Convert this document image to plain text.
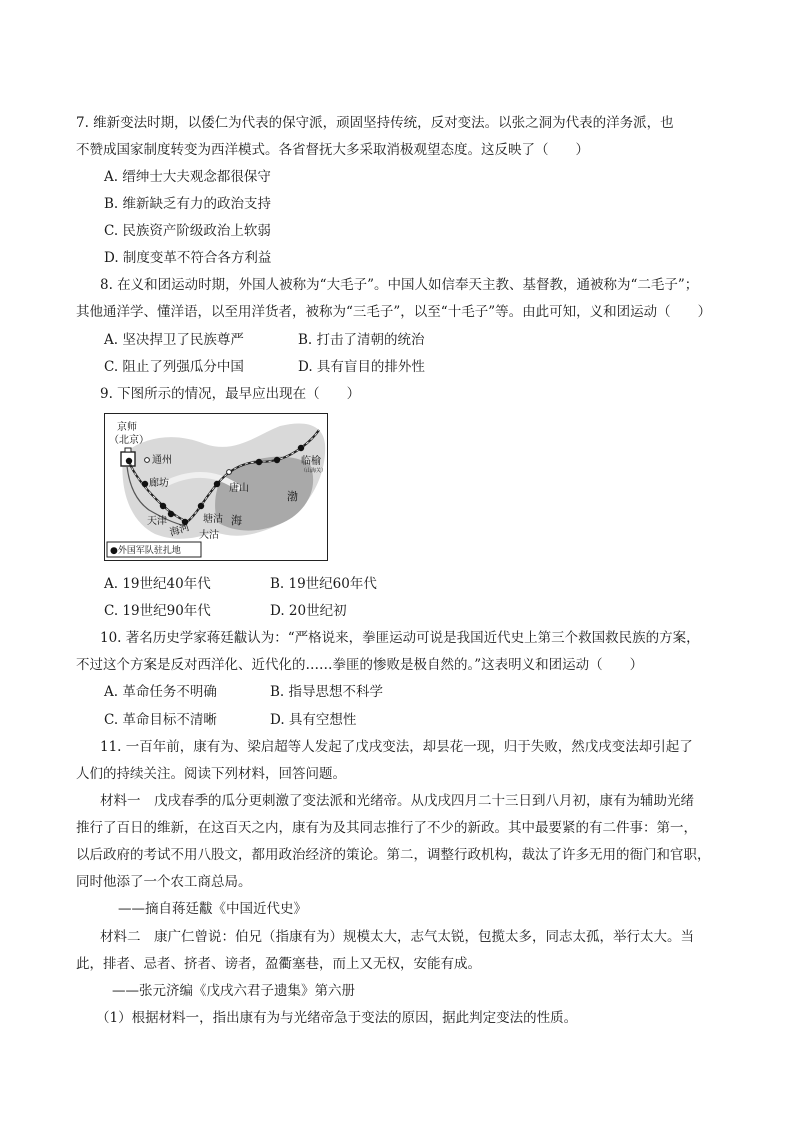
7. 维新变法时期，以倭仁为代表的保守派，顽固坚持传统，反对变法。以张之洞为代表的洋务派，也
不赞成国家制度转变为西洋模式。各省督抚大多采取消极观望态度。这反映了（　　）
A. 缙绅士大夫观念都很保守
B. 维新缺乏有力的政治支持
C. 民族资产阶级政治上软弱
D. 制度变革不符合各方利益
8. 在义和团运动时期，外国人被称为“大毛子”。中国人如信奉天主教、基督教，通被称为“二毛子”；
其他通洋学、懂洋语，以至用洋货者，被称为“三毛子”，以至“十毛子”等。由此可知，义和团运动（　　）
A. 坚决捍卫了民族尊严	B. 打击了清朝的统治
C. 阻止了列强瓜分中国	D. 具有盲目的排外性
9. 下图所示的情况，最早应出现在（　　）
京师
（北京）
通州
廊坊	唐山
临榆
（山海关）
渤
天津	塘沽 海
海河 大沽
●外国军队驻扎地
A. 19世纪40年代	B. 19世纪60年代
C. 19世纪90年代	D. 20世纪初
10. 著名历史学家蒋廷黻认为：“严格说来，拳匪运动可说是我国近代史上第三个救国救民族的方案，
不过这个方案是反对西洋化、近代化的……拳匪的惨败是极自然的。”这表明义和团运动（　　）
A. 革命任务不明确	B. 指导思想不科学
C. 革命目标不清晰	D. 具有空想性
11. 一百年前，康有为、梁启超等人发起了戊戌变法，却昙花一现，归于失败，然戊戌变法却引起了
人们的持续关注。阅读下列材料，回答问题。
材料一　戊戌春季的瓜分更刺激了变法派和光绪帝。从戊戌四月二十三日到八月初，康有为辅助光绪
推行了百日的维新，在这百天之内，康有为及其同志推行了不少的新政。其中最要紧的有二件事：第一，
以后政府的考试不用八股文，都用政治经济的策论。第二，调整行政机构，裁汰了许多无用的衙门和官职，
同时他添了一个农工商总局。
——摘自蒋廷黻《中国近代史》
材料二　康广仁曾说：伯兄（指康有为）规模太大，志气太锐，包揽太多，同志太孤，举行太大。当
此，排者、忌者、挤者、谤者，盈衢塞巷，而上又无权，安能有成。
——张元济编《戊戌六君子遗集》第六册
（1）根据材料一，指出康有为与光绪帝急于变法的原因，据此判定变法的性质。
